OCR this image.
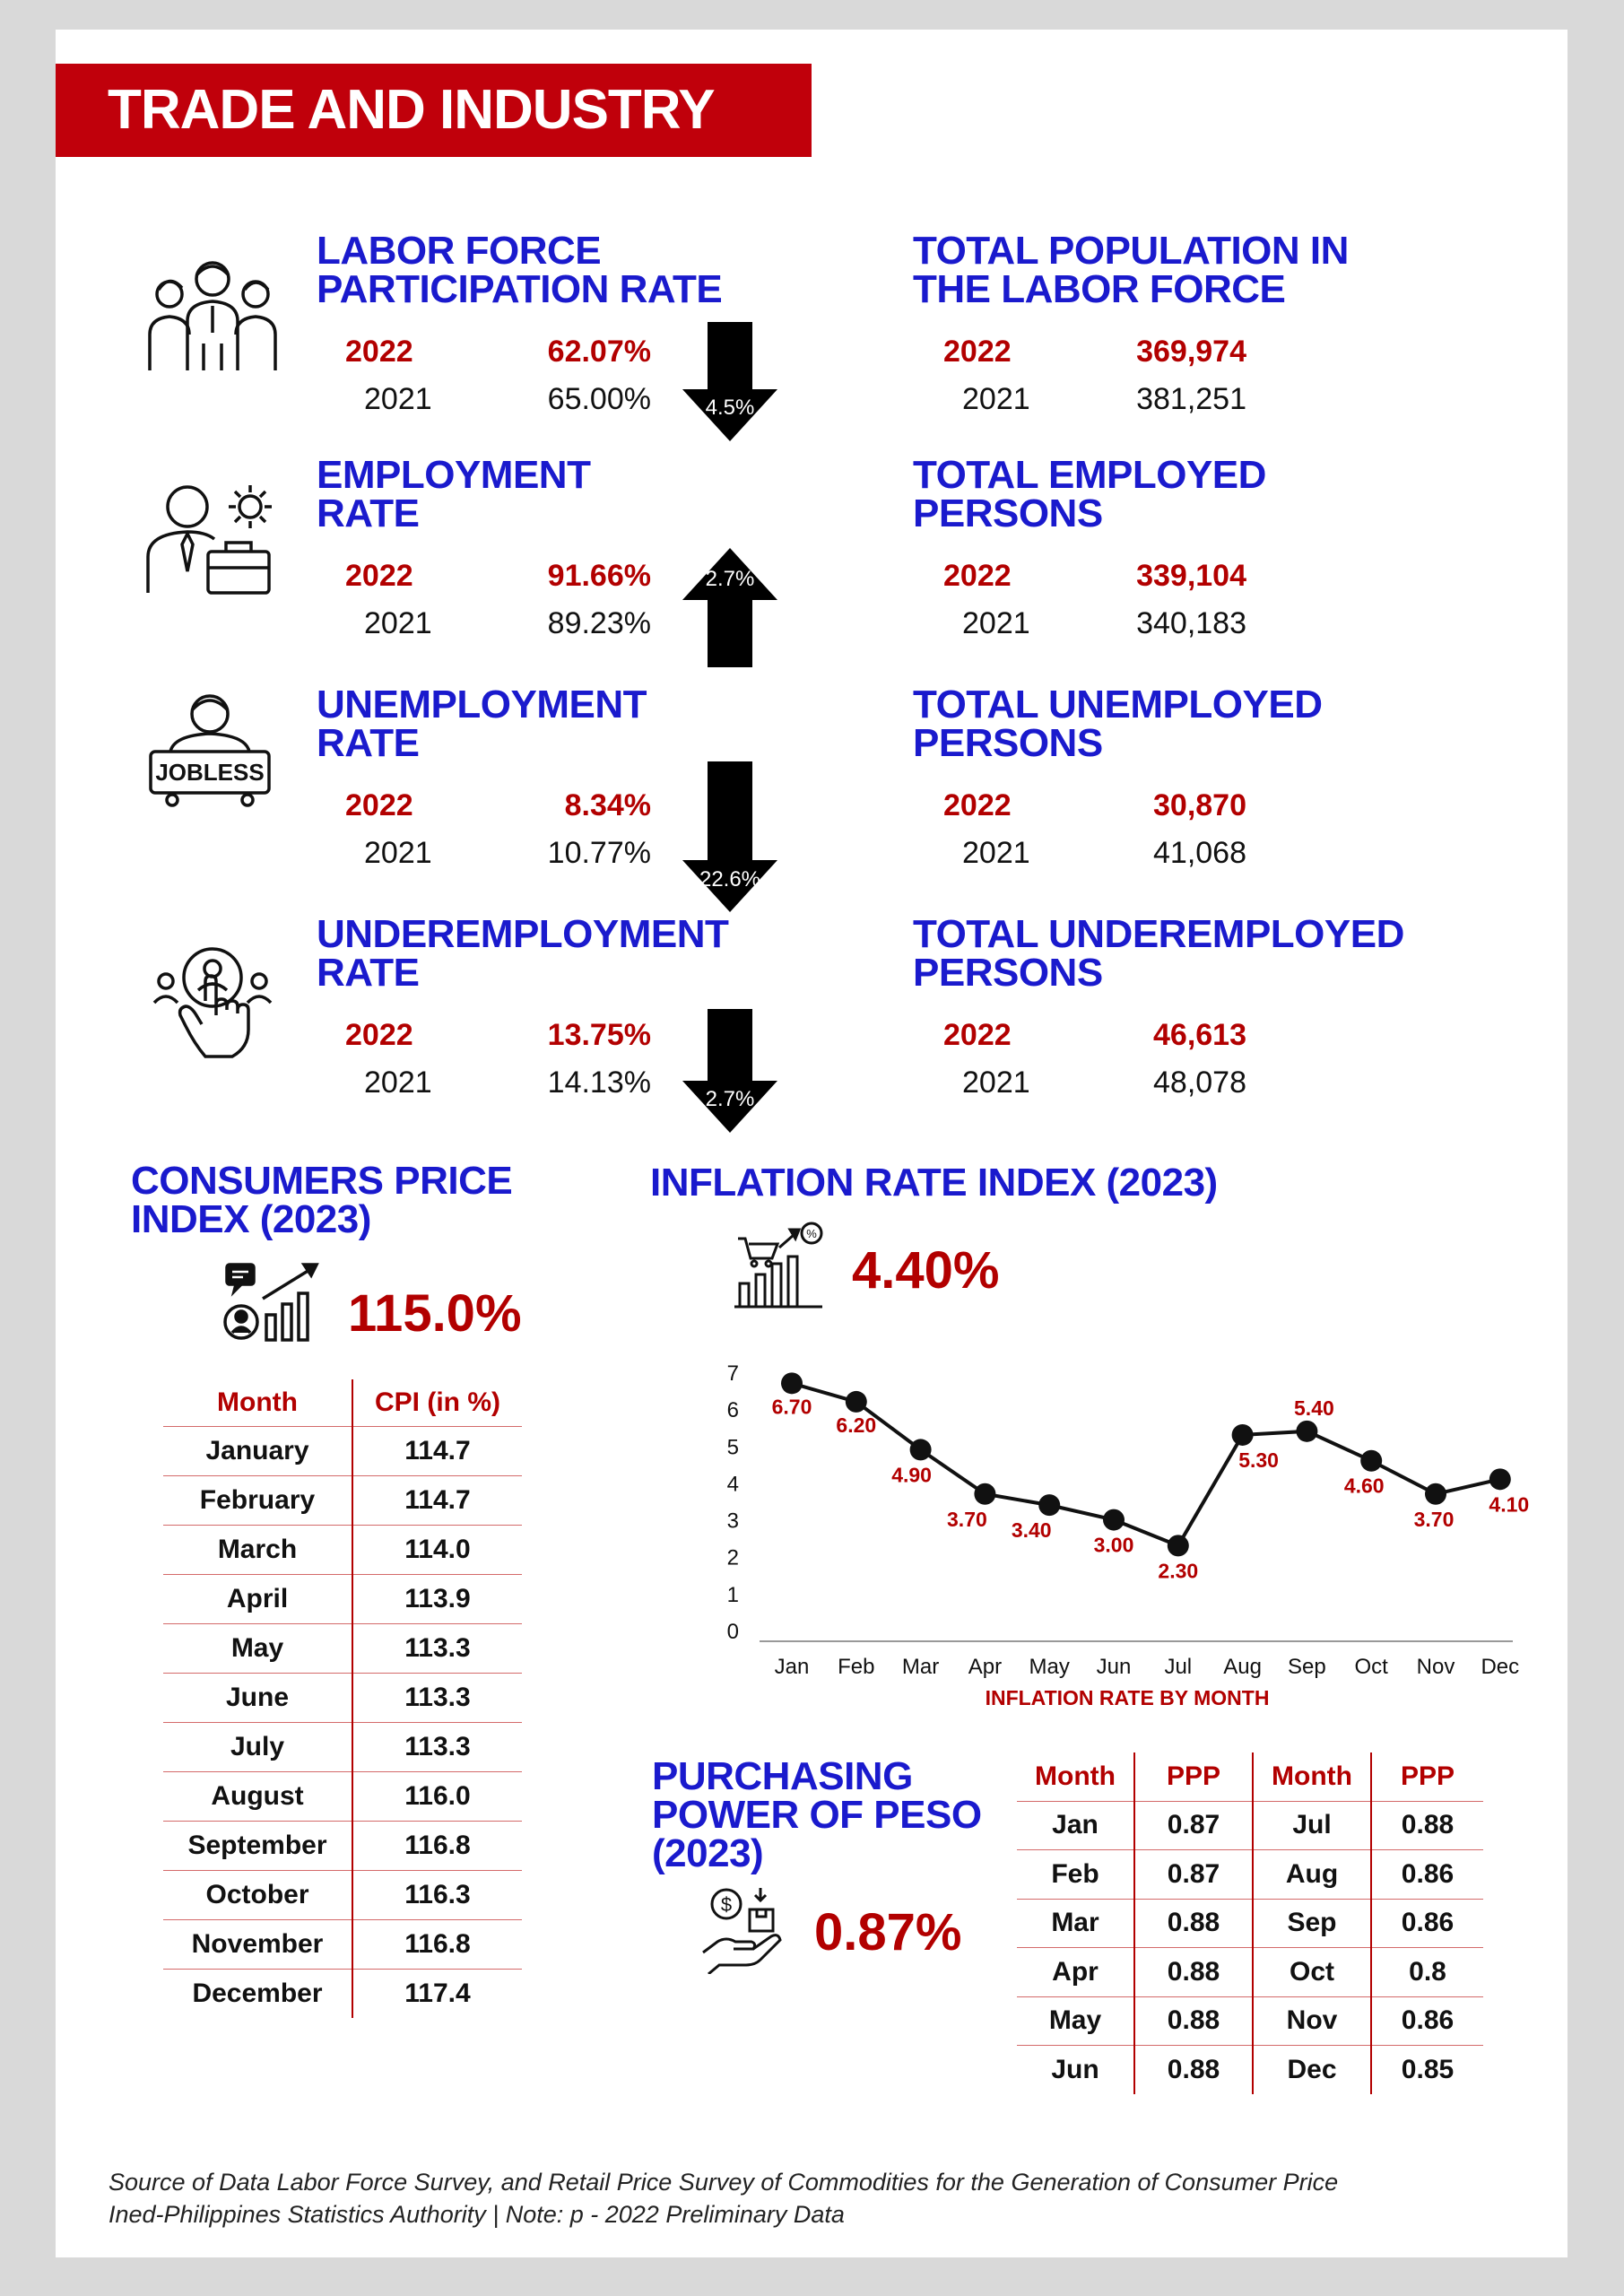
TRADE AND INDUSTRY
LABOR FORCE
PARTICIPATION RATE
2022	62.07%
2021	65.00%	4.5%
TOTAL POPULATION IN
THE LABOR FORCE
2022	369,974
2021	381,251
EMPLOYMENT
RATE
2022	91.66%
2021	89.23%
2.7%
TOTAL EMPLOYED
PERSONS
2022	339,104
2021	340,183
JOBLESS
UNEMPLOYMENT
RATE
2022	8.34%
2021	10.77%
22.6%
TOTAL UNEMPLOYED
PERSONS
2022	30,870
2021	41,068
UNDEREMPLOYMENT
RATE
2022	13.75%
2021	14.13%	2.7%
TOTAL UNDEREMPLOYED
PERSONS
2022	46,613
2021	48,078
CONSUMERS PRICE
INDEX (2023)
115.0%
Month	CPI (in %)
January	114.7
February	114.7
March	114.0
April	113.9
May	113.3
June	113.3
July	113.3
August	116.0
September	116.8
October	116.3
November	116.8
December	117.4
INFLATION RATE INDEX (2023)
%
4.40%
0
1
2
3
4
5
6
7
Jan Feb Mar Apr May Jun Jul Aug Sep Oct Nov Dec
INFLATION RATE BY MONTH
6.70
6.20
4.90
3.70 3.40
3.00
2.30
5.30
5.40
4.60
3.70
4.10
PURCHASING
POWER OF PESO
(2023)
$ 0.87%
Month	PPP	Month	PPP
Jan	0.87	Jul	0.88
Feb	0.87	Aug	0.86
Mar	0.88	Sep	0.86
Apr	0.88	Oct	0.8
May	0.88	Nov	0.86
Jun	0.88	Dec	0.85
Source of Data Labor Force Survey, and Retail Price Survey of Commodities for the Generation of Consumer Price
Ined-Philippines Statistics Authority | Note: p - 2022 Preliminary Data
